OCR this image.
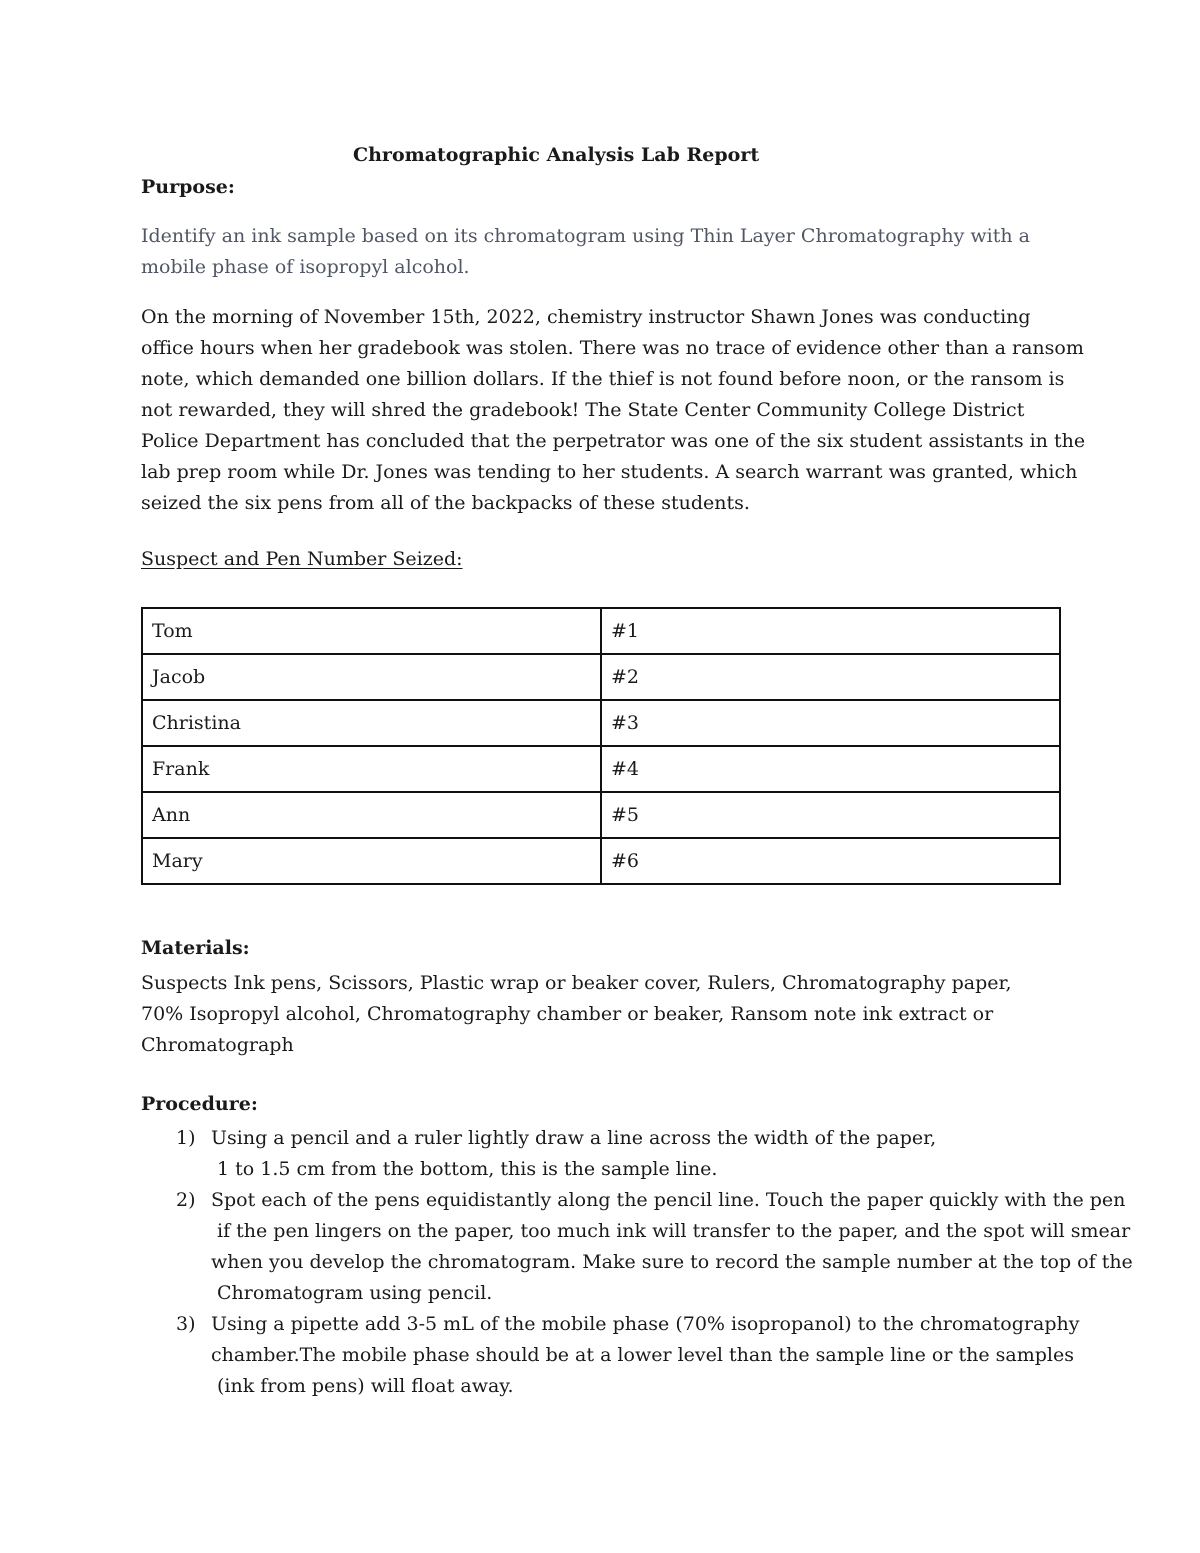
Chromatographic Analysis Lab Report
Purpose:
Identify an ink sample based on its chromatogram using Thin Layer Chromatography with a
mobile phase of isopropyl alcohol.
On the morning of November 15th, 2022, chemistry instructor Shawn Jones was conducting
office hours when her gradebook was stolen. There was no trace of evidence other than a ransom
note, which demanded one billion dollars. If the thief is not found before noon, or the ransom is
not rewarded, they will shred the gradebook! The State Center Community College District
Police Department has concluded that the perpetrator was one of the six student assistants in the
lab prep room while Dr. Jones was tending to her students. A search warrant was granted, which
seized the six pens from all of the backpacks of these students.
Suspect and Pen Number Seized:
Tom	#1
Jacob	#2
Christina	#3
Frank	#4
Ann	#5
Mary	#6
Materials:
Suspects Ink pens, Scissors, Plastic wrap or beaker cover, Rulers, Chromatography paper,
70% Isopropyl alcohol, Chromatography chamber or beaker, Ransom note ink extract or
Chromatograph
Procedure:
1) Using a pencil and a ruler lightly draw a line across the width of the paper,
1 to 1.5 cm from the bottom, this is the sample line.
2) Spot each of the pens equidistantly along the pencil line. Touch the paper quickly with the pen
if the pen lingers on the paper, too much ink will transfer to the paper, and the spot will smear
when you develop the chromatogram. Make sure to record the sample number at the top of the
Chromatogram using pencil.
3) Using a pipette add 3-5 mL of the mobile phase (70% isopropanol) to the chromatography
chamber.The mobile phase should be at a lower level than the sample line or the samples
(ink from pens) will float away.
